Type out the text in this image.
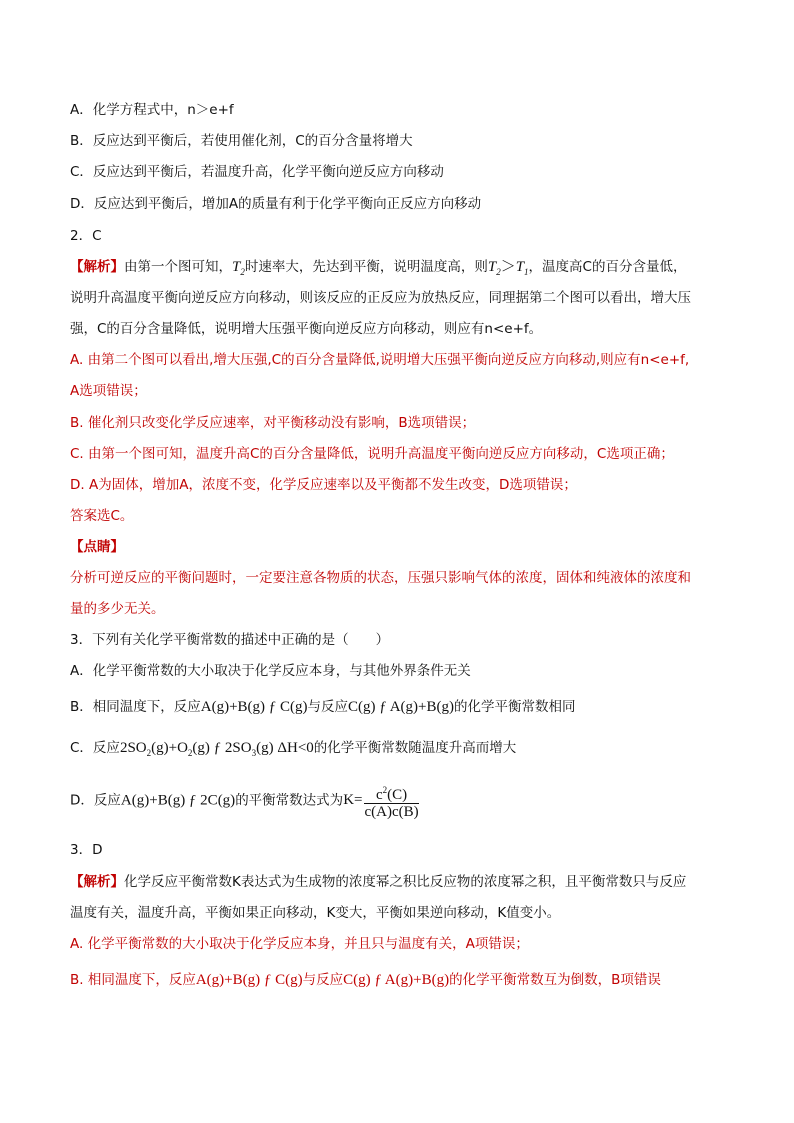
A．化学方程式中，n＞e+f
B．反应达到平衡后，若使用催化剂，C的百分含量将增大
C．反应达到平衡后，若温度升高，化学平衡向逆反应方向移动
D．反应达到平衡后，增加A的质量有利于化学平衡向正反应方向移动
2．C
【解析】由第一个图可知，$T_2$时速率大，先达到平衡，说明温度高，则$T_2>T_1$，温度高C的百分含量低，
说明升高温度平衡向逆反应方向移动，则该反应的正反应为放热反应，同理据第二个图可以看出，增大压
强，C的百分含量降低，说明增大压强平衡向逆反应方向移动，则应有n<e+f。
A. 由第二个图可以看出,增大压强,C的百分含量降低,说明增大压强平衡向逆反应方向移动,则应有n<e+f,
A选项错误；
B. 催化剂只改变化学反应速率，对平衡移动没有影响，B选项错误；
C. 由第一个图可知，温度升高C的百分含量降低，说明升高温度平衡向逆反应方向移动，C选项正确；
D. A为固体，增加A，浓度不变，化学反应速率以及平衡都不发生改变，D选项错误；
答案选C。
【点睛】
分析可逆反应的平衡问题时，一定要注意各物质的状态，压强只影响气体的浓度，固体和纯液体的浓度和
量的多少无关。
3．下列有关化学平衡常数的描述中正确的是（　　）
A．化学平衡常数的大小取决于化学反应本身，与其他外界条件无关
B．相同温度下，反应A(g)+B(g) ƒ C(g)与反应C(g) ƒ A(g)+B(g)的化学平衡常数相同
C．反应$2SO_2(g)+O_2(g)$ ƒ $2SO_3(g)$ ΔH<0的化学平衡常数随温度升高而增大
D．反应A(g)+B(g) ƒ 2C(g)的平衡常数达式为$K= \frac{c^2(C)}{c(A)c(B)}$
3．D
【解析】化学反应平衡常数K表达式为生成物的浓度幂之积比反应物的浓度幂之积，且平衡常数只与反应
温度有关，温度升高，平衡如果正向移动，K变大，平衡如果逆向移动，K值变小。
A. 化学平衡常数的大小取决于化学反应本身，并且只与温度有关，A项错误；
B. 相同温度下，反应A(g)+B(g) ƒ C(g)与反应C(g) ƒ A(g)+B(g)的化学平衡常数互为倒数，B项错误
